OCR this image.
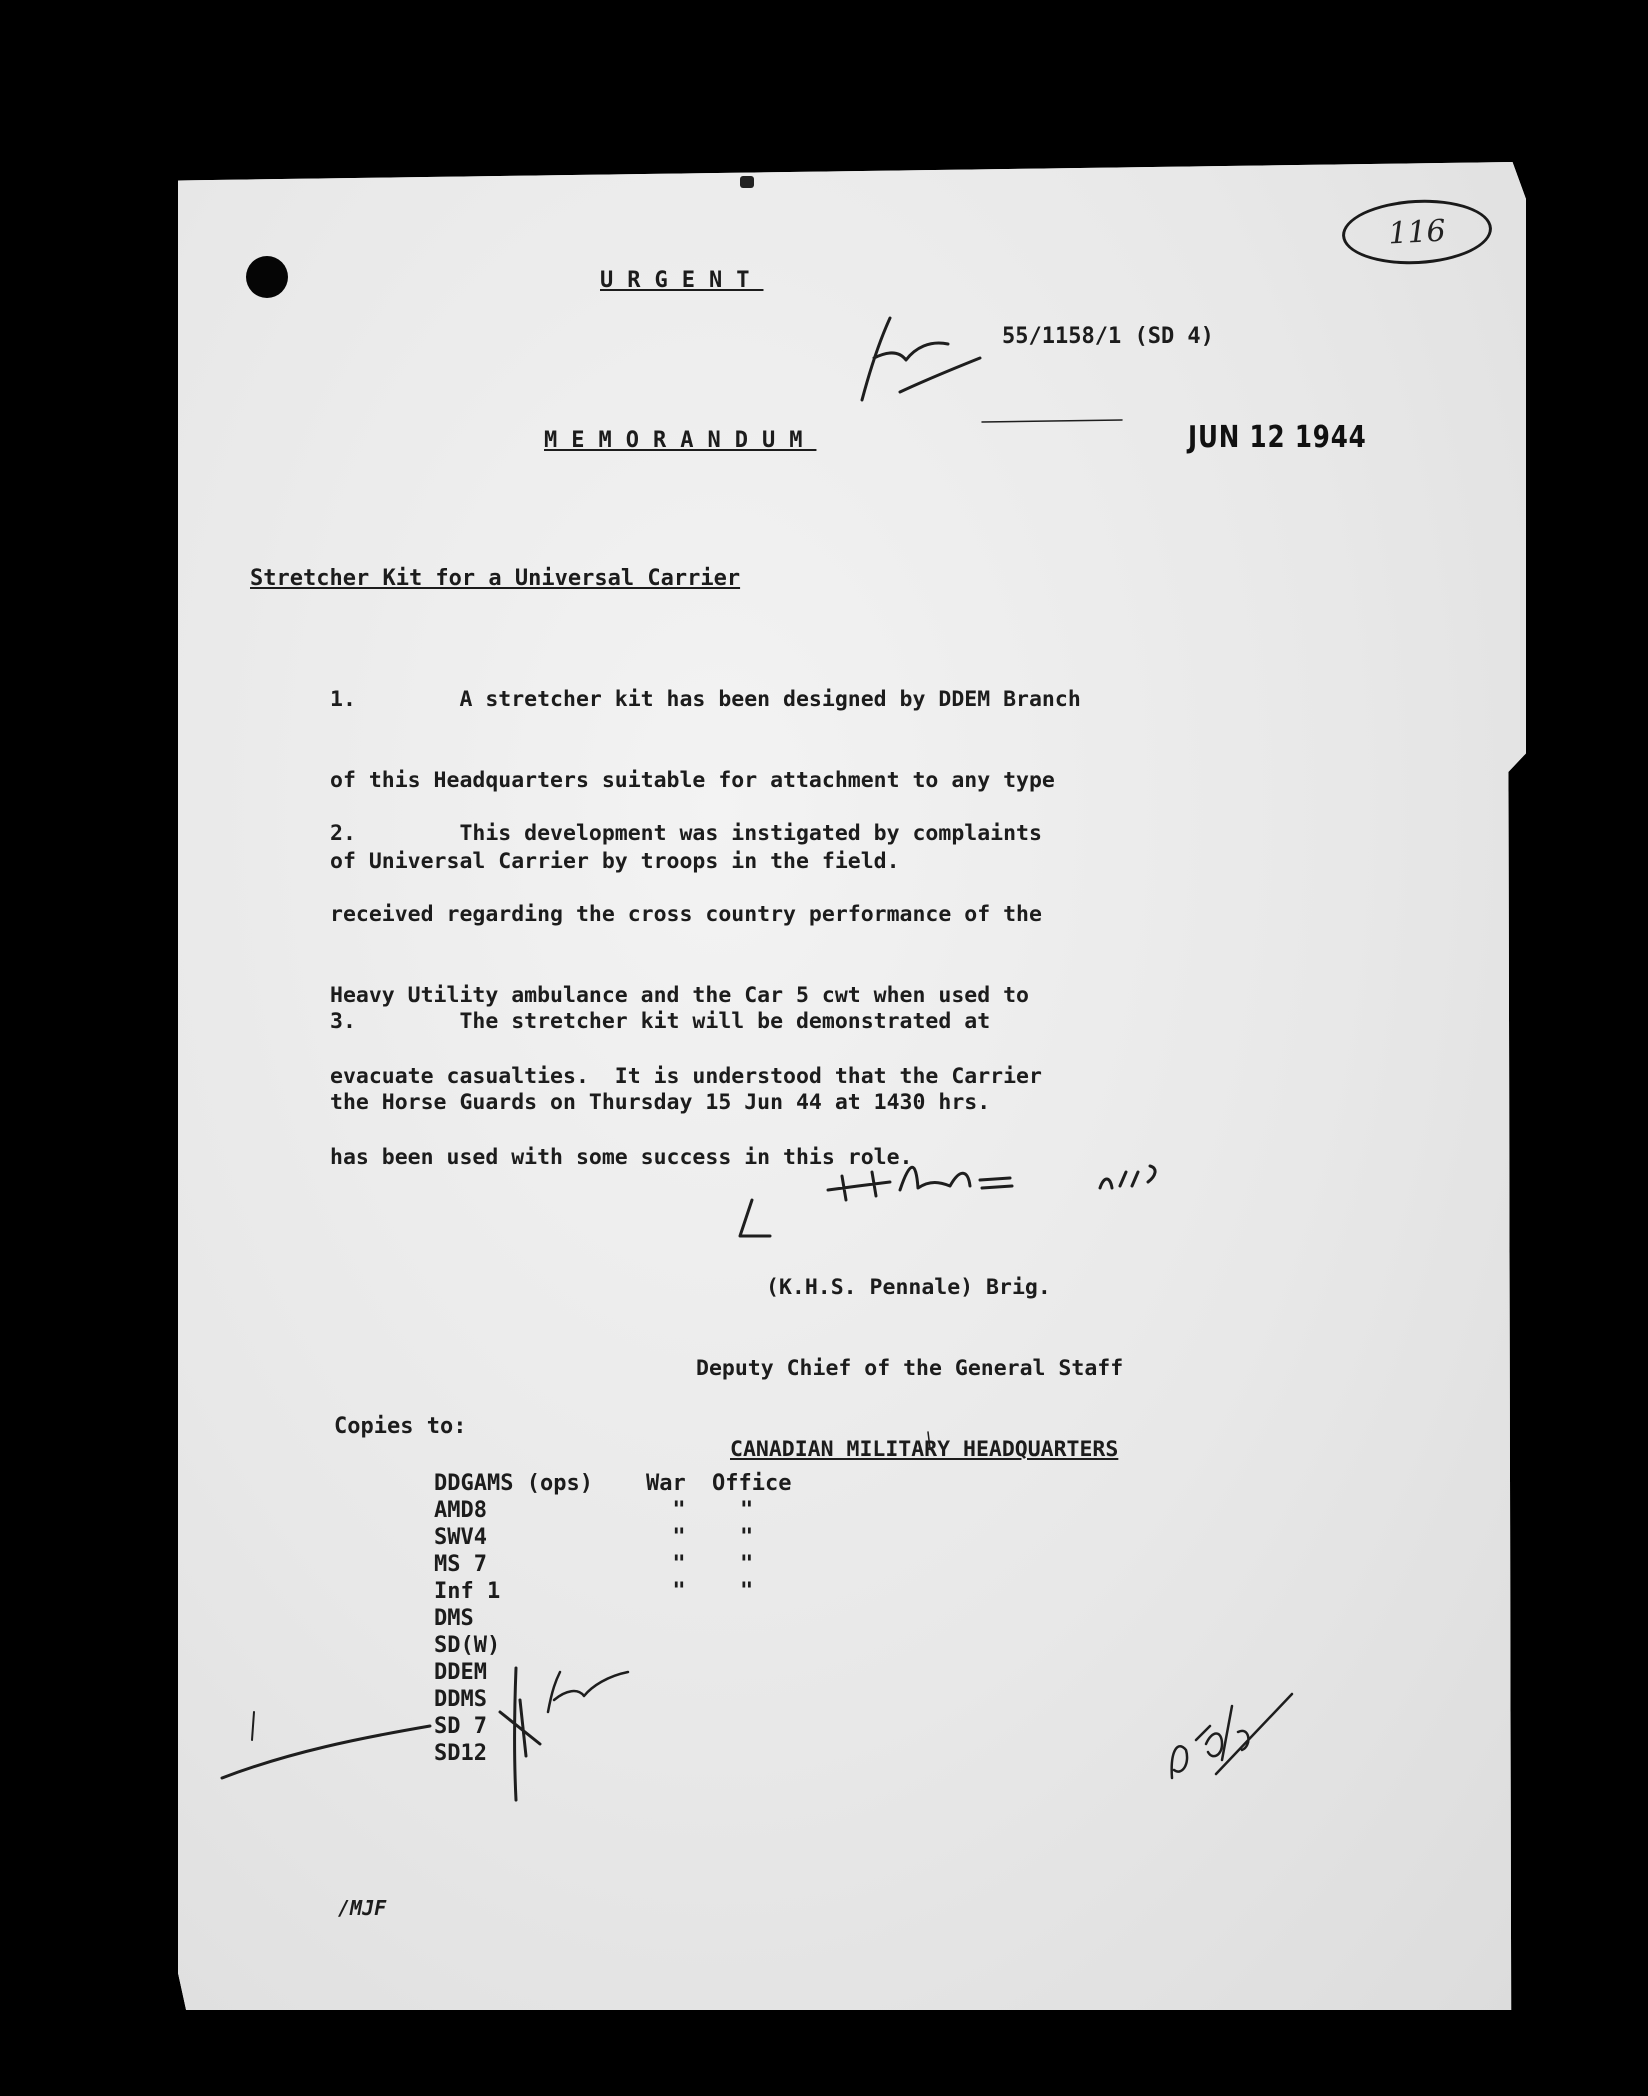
116
URGENT
55/1158/1 (SD 4)
MEMORANDUM	JUN 12 1944
Stretcher Kit for a Universal Carrier

1.        A stretcher kit has been designed by DDEM Branch

of this Headquarters suitable for attachment to any type

of Universal Carrier by troops in the field.

2.        This development was instigated by complaints

received regarding the cross country performance of the

Heavy Utility ambulance and the Car 5 cwt when used to

evacuate casualties.  It is understood that the Carrier

has been used with some success in this role.

3.        The stretcher kit will be demonstrated at

the Horse Guards on Thursday 15 Jun 44 at 1430 hrs.

(K.H.S. Pennale) Brig.

Deputy Chief of the General Staff

CANADIAN MILITARY HEADQUARTERS

Copies to:
DDGAMS (ops)	War	Office
AMD8	"	"
SWV4	"	"
MS 7	"	"
Inf 1	"	"
DMS
SD(W)
DDEM
DDMS
SD 7
SD12
/MJF
